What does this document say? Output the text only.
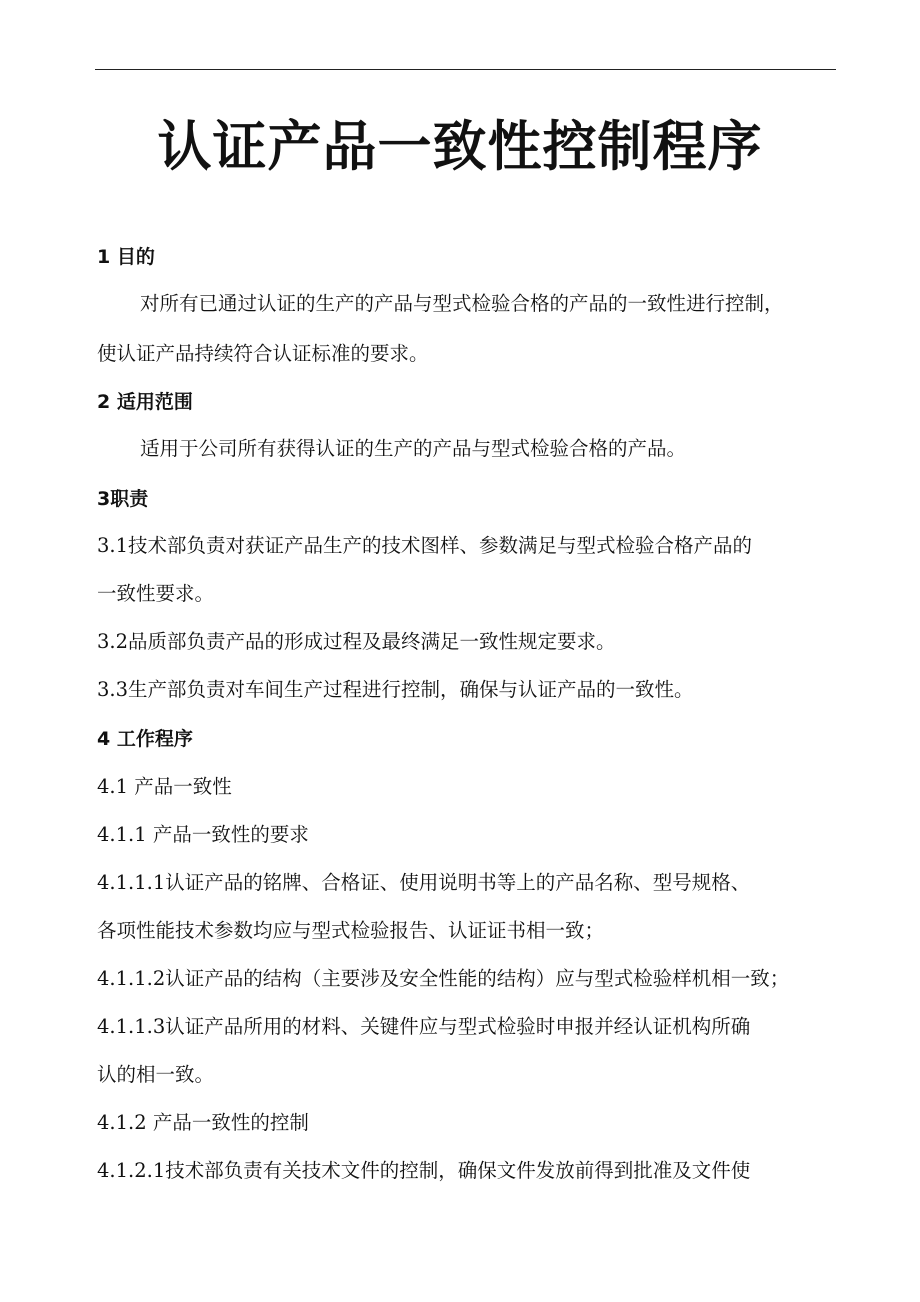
认证产品一致性控制程序
1 目的
对所有已通过认证的生产的产品与型式检验合格的产品的一致性进行控制，
使认证产品持续符合认证标准的要求。
2 适用范围
适用于公司所有获得认证的生产的产品与型式检验合格的产品。
3职责
3.1技术部负责对获证产品生产的技术图样、参数满足与型式检验合格产品的
一致性要求。
3.2品质部负责产品的形成过程及最终满足一致性规定要求。
3.3生产部负责对车间生产过程进行控制，确保与认证产品的一致性。
4 工作程序
4.1 产品一致性
4.1.1 产品一致性的要求
4.1.1.1认证产品的铭牌、合格证、使用说明书等上的产品名称、型号规格、
各项性能技术参数均应与型式检验报告、认证证书相一致；
4.1.1.2认证产品的结构（主要涉及安全性能的结构）应与型式检验样机相一致；
4.1.1.3认证产品所用的材料、关键件应与型式检验时申报并经认证机构所确
认的相一致。
4.1.2 产品一致性的控制
4.1.2.1技术部负责有关技术文件的控制，确保文件发放前得到批准及文件使
